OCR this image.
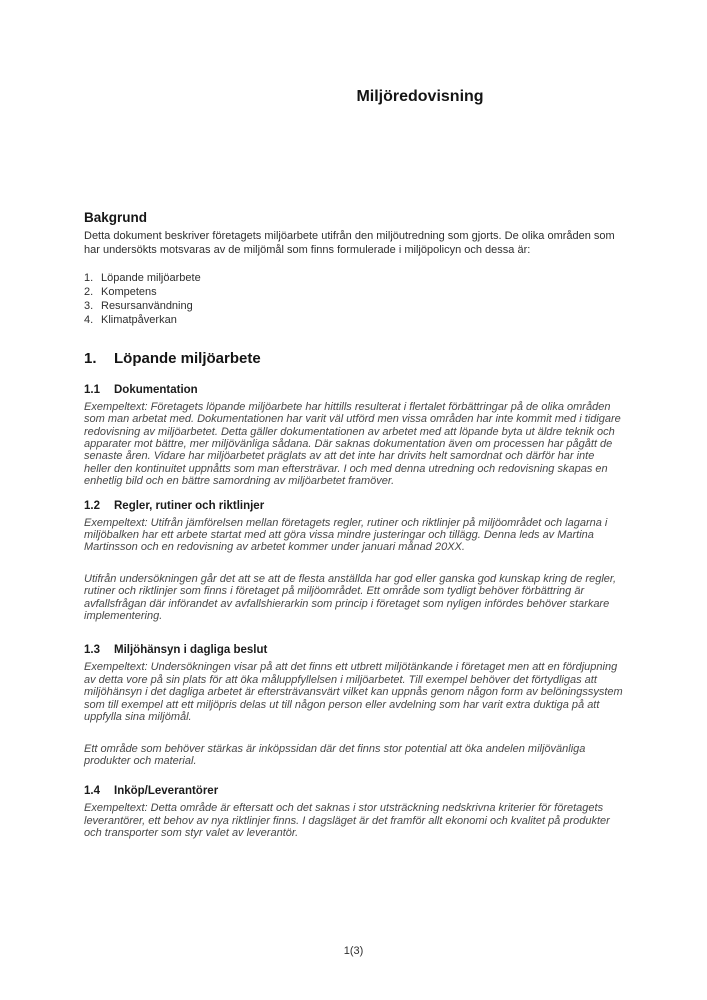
Miljöredovisning
Bakgrund
Detta dokument beskriver företagets miljöarbete utifrån den miljöutredning som gjorts. De olika områden som har undersökts motsvaras av de miljömål som finns formulerade i miljöpolicyn och dessa är:
1. Löpande miljöarbete
2. Kompetens
3. Resursanvändning
4. Klimatpåverkan
1.	Löpande miljöarbete
1.1	Dokumentation

Exempeltext: Företagets löpande miljöarbete har hittills resulterat i flertalet förbättringar på de olika områden som man arbetat med. Dokumentationen har varit väl utförd men vissa områden har inte kommit med i tidigare redovisning av miljöarbetet. Detta gäller dokumentationen av arbetet med att löpande byta ut äldre teknik och apparater mot bättre, mer miljövänliga sådana. Där saknas dokumentation även om processen har pågått de senaste åren. Vidare har miljöarbetet präglats av att det inte har drivits helt samordnat och därför har inte heller den kontinuitet uppnåtts som man eftersträvar. I och med denna utredning och redovisning skapas en enhetlig bild och en bättre samordning av miljöarbetet framöver.

1.2	Regler, rutiner och riktlinjer

Exempeltext: Utifrån jämförelsen mellan företagets regler, rutiner och riktlinjer på miljöområdet och lagarna i miljöbalken har ett arbete startat med att göra vissa mindre justeringar och tillägg. Denna leds av Martina Martinsson och en redovisning av arbetet kommer under januari månad 20XX.

Utifrån undersökningen går det att se att de flesta anställda har god eller ganska god kunskap kring de regler, rutiner och riktlinjer som finns i företaget på miljöområdet. Ett område som tydligt behöver förbättring är avfallsfrågan där införandet av avfallshierarkin som princip i företaget som nyligen infördes behöver starkare implementering.

1.3	Miljöhänsyn i dagliga beslut

Exempeltext: Undersökningen visar på att det finns ett utbrett miljötänkande i företaget men att en fördjupning av detta vore på sin plats för att öka måluppfyllelsen i miljöarbetet. Till exempel behöver det förtydligas att miljöhänsyn i det dagliga arbetet är eftersträvansvärt vilket kan uppnås genom någon form av belöningssystem som till exempel att ett miljöpris delas ut till någon person eller avdelning som har varit extra duktiga på att uppfylla sina miljömål.

Ett område som behöver stärkas är inköpssidan där det finns stor potential att öka andelen miljövänliga produkter och material.

1.4	Inköp/Leverantörer

Exempeltext: Detta område är eftersatt och det saknas i stor utsträckning nedskrivna kriterier för företagets leverantörer, ett behov av nya riktlinjer finns. I dagsläget är det framför allt ekonomi och kvalitet på produkter och transporter som styr valet av leverantör.

1(3)
